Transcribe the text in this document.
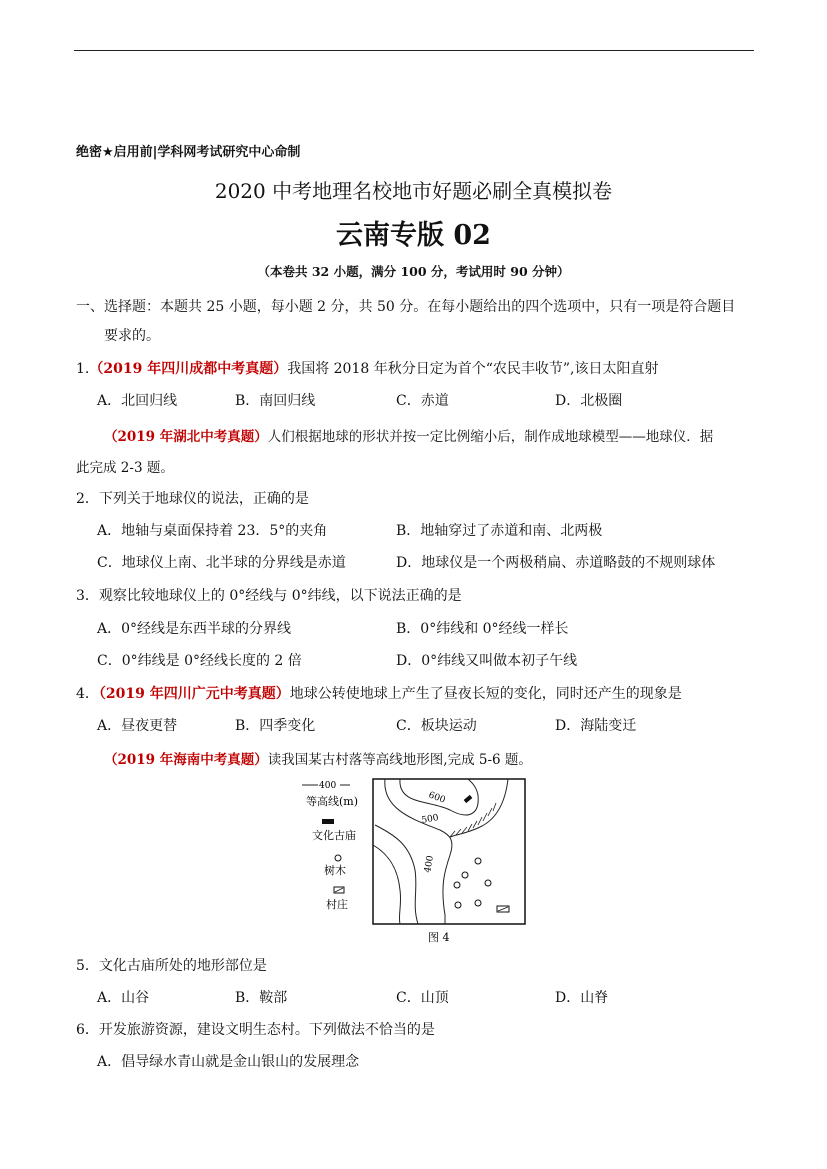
绝密★启用前|学科网考试研究中心命制
2020 中考地理名校地市好题必刷全真模拟卷
云南专版 02
（本卷共 32 小题，满分 100 分，考试用时 90 分钟）
一、选择题：本题共 25 小题，每小题 2 分，共 50 分。在每小题给出的四个选项中，只有一项是符合题目
要求的。
1.（2019 年四川成都中考真题）我国将 2018 年秋分日定为首个“农民丰收节”,该日太阳直射
A．北回归线	B．南回归线	C．赤道	D．北极圈
（2019 年湖北中考真题）人们根据地球的形状并按一定比例缩小后，制作成地球模型——地球仪．据
此完成 2-3 题。
2．下列关于地球仪的说法，正确的是
A．地轴与桌面保持着 23．5°的夹角	B．地轴穿过了赤道和南、北两极
C．地球仪上南、北半球的分界线是赤道	D．地球仪是一个两极稍扁、赤道略鼓的不规则球体
3．观察比较地球仪上的 0°经线与 0°纬线，以下说法正确的是
A．0°经线是东西半球的分界线	B．0°纬线和 0°经线一样长
C．0°纬线是 0°经线长度的 2 倍	D．0°纬线又叫做本初子午线
4．（2019 年四川广元中考真题）地球公转使地球上产生了昼夜长短的变化，同时还产生的现象是
A．昼夜更替	B．四季变化	C．板块运动	D．海陆变迁
（2019 年海南中考真题）读我国某古村落等高线地形图,完成 5-6 题。
400
等高线(m)
文化古庙
树木
村庄
600
500
400
图 4
5．文化古庙所处的地形部位是
A．山谷	B．鞍部	C．山顶	D．山脊
6．开发旅游资源，建设文明生态村。下列做法不恰当的是
A．倡导绿水青山就是金山银山的发展理念
